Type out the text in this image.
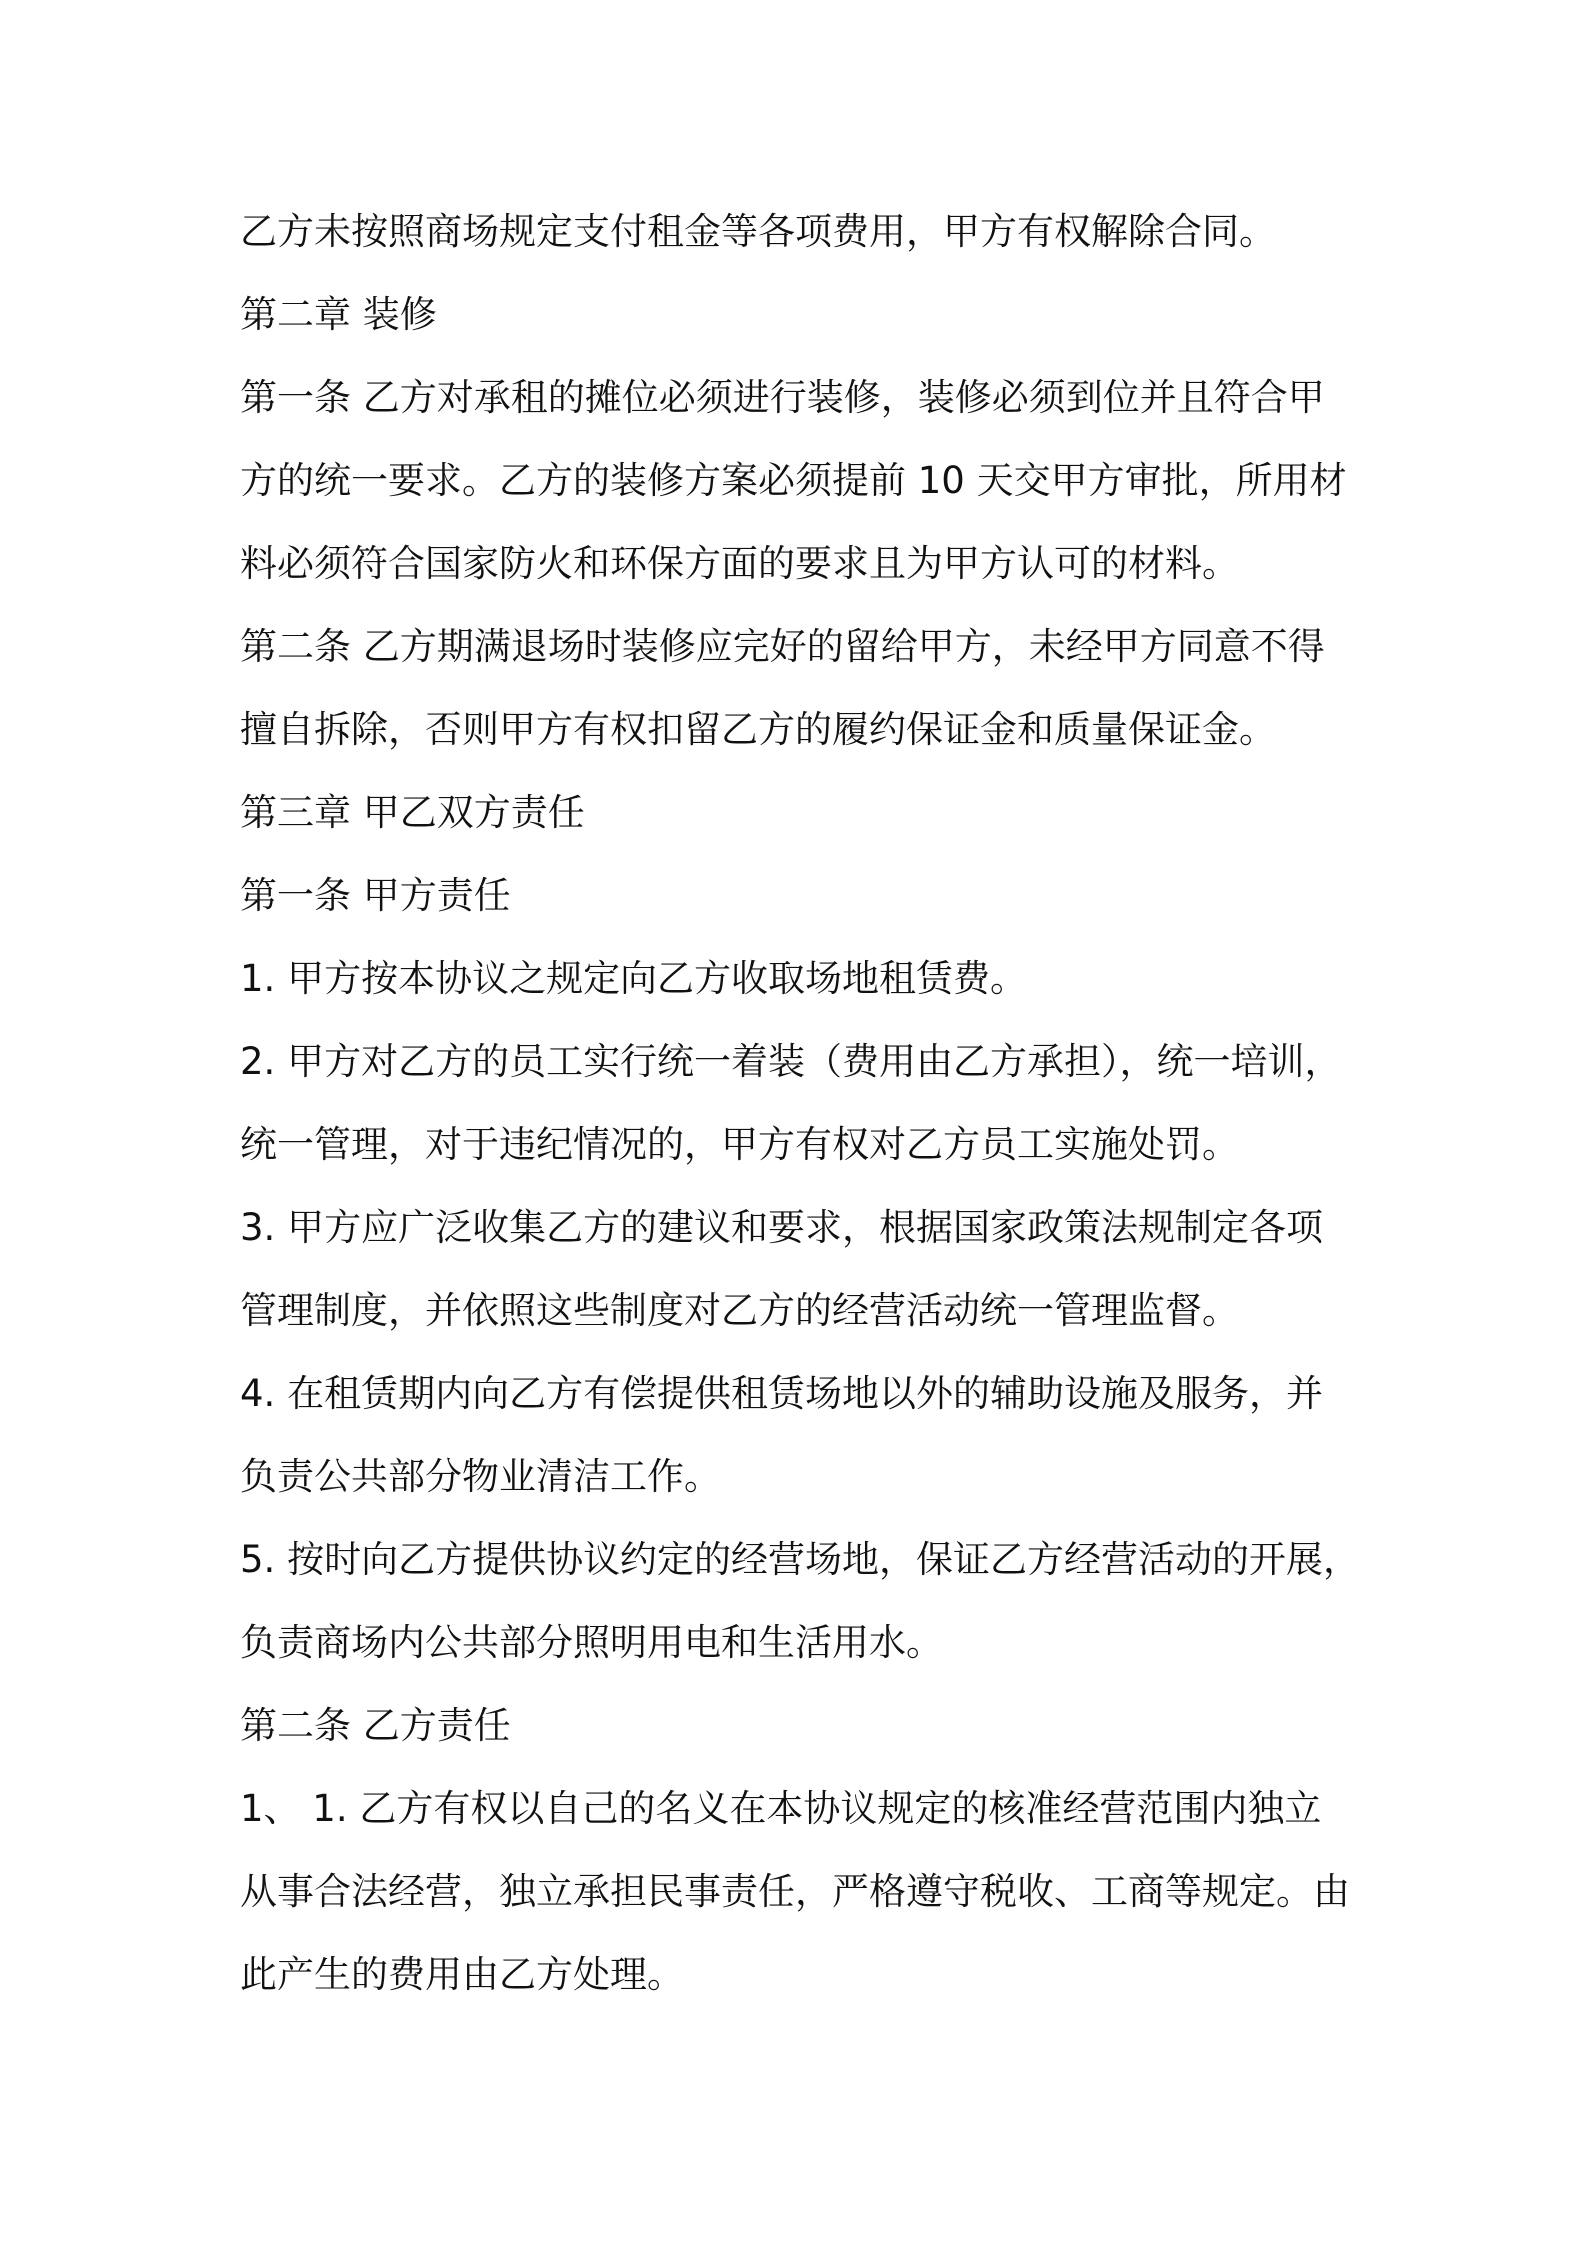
乙方未按照商场规定支付租金等各项费用，甲方有权解除合同。
第二章 装修
第一条 乙方对承租的摊位必须进行装修，装修必须到位并且符合甲
方的统一要求。乙方的装修方案必须提前 10 天交甲方审批，所用材
料必须符合国家防火和环保方面的要求且为甲方认可的材料。
第二条 乙方期满退场时装修应完好的留给甲方，未经甲方同意不得
擅自拆除，否则甲方有权扣留乙方的履约保证金和质量保证金。
第三章 甲乙双方责任
第一条 甲方责任
1. 甲方按本协议之规定向乙方收取场地租赁费。
2. 甲方对乙方的员工实行统一着装（费用由乙方承担），统一培训，
统一管理，对于违纪情况的，甲方有权对乙方员工实施处罚。
3. 甲方应广泛收集乙方的建议和要求，根据国家政策法规制定各项
管理制度，并依照这些制度对乙方的经营活动统一管理监督。
4. 在租赁期内向乙方有偿提供租赁场地以外的辅助设施及服务，并
负责公共部分物业清洁工作。
5. 按时向乙方提供协议约定的经营场地，保证乙方经营活动的开展，
负责商场内公共部分照明用电和生活用水。
第二条 乙方责任
1、 1. 乙方有权以自己的名义在本协议规定的核准经营范围内独立
从事合法经营，独立承担民事责任，严格遵守税收、工商等规定。由
此产生的费用由乙方处理。
